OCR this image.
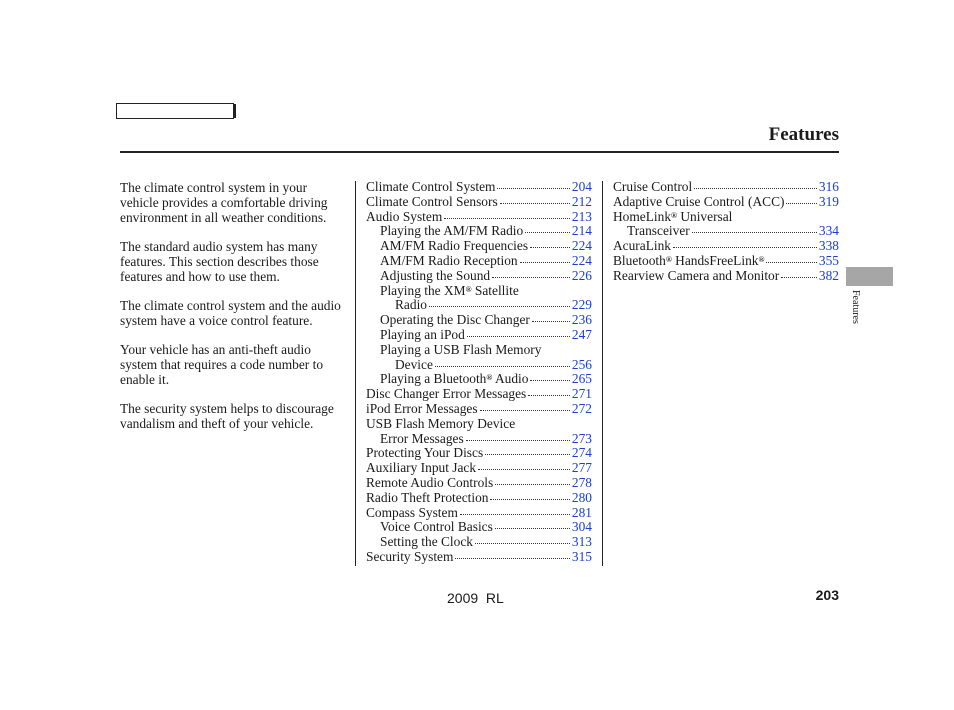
Features

The climate control system in your vehicle provides a comfortable driving environment in all weather conditions.

The standard audio system has many features. This section describes those features and how to use them.

The climate control system and the audio system have a voice control feature.

Your vehicle has an anti-theft audio system that requires a code number to enable it.

The security system helps to discourage vandalism and theft of your vehicle.

Climate Control System	204
Climate Control Sensors	212
Audio System	213
Playing the AM/FM Radio	214
AM/FM Radio Frequencies	224
AM/FM Radio Reception	224
Adjusting the Sound	226
Playing the XM® Satellite
Radio	229
Operating the Disc Changer	236
Playing an iPod	247
Playing a USB Flash Memory
Device	256
Playing a Bluetooth® Audio	265
Disc Changer Error Messages	271
iPod Error Messages	272
USB Flash Memory Device
Error Messages	273
Protecting Your Discs	274
Auxiliary Input Jack	277
Remote Audio Controls	278
Radio Theft Protection	280
Compass System	281
Voice Control Basics	304
Setting the Clock	313
Security System	315
Cruise Control	316
Adaptive Cruise Control (ACC)	319
HomeLink® Universal
Transceiver	334
AcuraLink	338
Bluetooth® HandsFreeLink®	355
Rearview Camera and Monitor	382
Features
2009  RL	203
